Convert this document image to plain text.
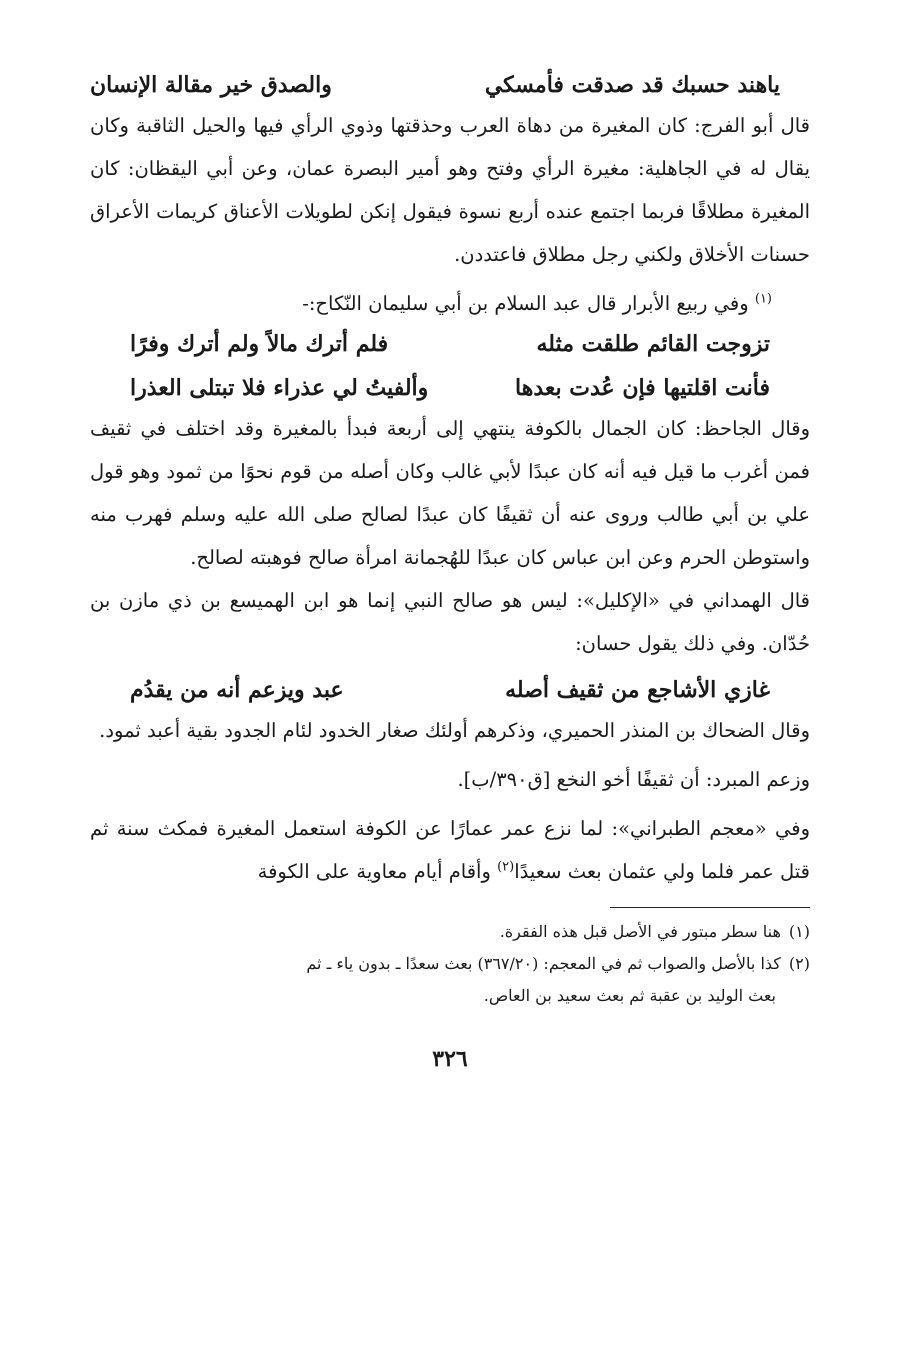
ياهند حسبك قد صدقت فأمسكي
والصدق خير مقالة الإنسان

قال أبو الفرج: كان المغيرة من دهاة العرب وحذقتها وذوي الرأي فيها والحيل الثاقبة وكان يقال له في الجاهلية: مغيرة الرأي وفتح وهو أمير البصرة عمان، وعن أبي اليقظان: كان المغيرة مطلاقًا فربما اجتمع عنده أربع نسوة فيقول إنكن لطويلات الأعناق كريمات الأعراق حسنات الأخلاق ولكني رجل مطلاق فاعتددن.

$^{(١)}$ وفي ربيع الأبرار قال عبد السلام بن أبي سليمان النّكاح:-

تزوجت القائم طلقت مثله
فلم أترك مالاً ولم أترك وفرًا
فأنت اقلتيها فإن عُدت بعدها
وألفيتُ لي عذراء فلا تبتلى العذرا

وقال الجاحظ: كان الجمال بالكوفة ينتهي إلى أربعة فبدأ بالمغيرة وقد اختلف في ثقيف فمن أغرب ما قيل فيه أنه كان عبدًا لأبي غالب وكان أصله من قوم نحوًا من ثمود وهو قول علي بن أبي طالب وروى عنه أن ثقيفًا كان عبدًا لصالح صلى الله عليه وسلم فهرب منه واستوطن الحرم وعن ابن عباس كان عبدًا للهُجمانة امرأة صالح فوهبته لصالح.

قال الهمداني في «الإكليل»: ليس هو صالح النبي إنما هو ابن الهميسع بن ذي مازن بن حُدّان. وفي ذلك يقول حسان:

غازي الأشاجع من ثقيف أصله
عبد ويزعم أنه من يقدُم

وقال الضحاك بن المنذر الحميري، وذكرهم أولئك صغار الخدود لئام الجدود بقية أعبد ثمود.

وزعم المبرد: أن ثقيفًا أخو النخع [ق٣٩٠/ب].

وفي «معجم الطبراني»: لما نزع عمر عمارًا عن الكوفة استعمل المغيرة فمكث سنة ثم قتل عمر فلما ولي عثمان بعث سعيدًا$^{(٢)}$ وأقام أيام معاوية على الكوفة

(١)هنا سطر مبتور في الأصل قبل هذه الفقرة.

(٢)كذا بالأصل والصواب ثم في المعجم: (٣٦٧/٢٠) بعث سعدًا ـ بدون ياء ـ ثم

بعث الوليد بن عقبة ثم بعث سعيد بن العاص.

٣٢٦
